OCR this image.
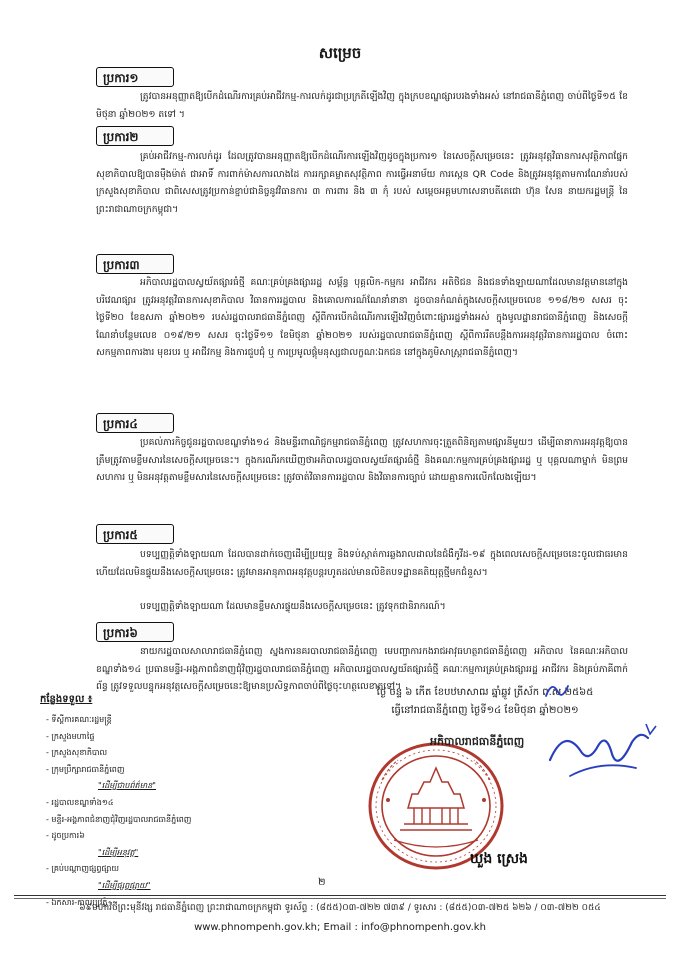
សម្រេច
ប្រការ១

ត្រូវបានអនុញ្ញាតឱ្យបើកដំណើរការគ្រប់អាជីវកម្ម-ការលក់ដូរជាប្រក្រតីឡើងវិញ ក្នុងក្របខណ្ឌផ្សារបរងទាំងអស់ នៅរាជធានីភ្នំពេញ ចាប់ពីថ្ងៃទី១៥ ខែមិថុនា ឆ្នាំ២០២១ តទៅ ។

ប្រការ២

គ្រប់អាជីវកម្ម-ការលក់ដូរ ដែលត្រូវបានអនុញ្ញាតឱ្យបើកដំណើរការឡើងវិញដូចក្នុងប្រការ១ នៃសេចក្តីសម្រេចនេះ ត្រូវអនុវត្តវិធានការសុវត្ថិភាពផ្នែកសុខាភិបាលឱ្យបានម៉ឹងម៉ាត់ ជាអាទិ៍ ការពាក់ម៉ាសការលាងដៃ ការរក្សាគម្លាតសុវត្ថិភាព ការធ្វើអនាម័យ ការស្កេន QR Code និងត្រូវអនុវត្តតាមការណែនាំរបស់ក្រសួងសុខាភិបាល ជាពិសេសត្រូវប្រកាន់ខ្ជាប់ជានិច្ចនូវវិធានការ ៣ ការពារ និង ៣ កុំ របស់ សម្តេចអគ្គមហាសេនាបតីតេជោ ហ៊ុន សែន នាយករដ្ឋមន្ត្រី នៃព្រះរាជាណាចក្រកម្ពុជា។

ប្រការ៣

អភិបាលរដ្ឋបាលស្វយ័តផ្សារធំថ្មី គណៈគ្រប់គ្រងផ្សាររដ្ឋ សម្ព័ន្ធ បុគ្គលិក-កម្មករ អាជីវករ អតិថិជន និងជនទាំងឡាយណាដែលមានវត្តមាននៅក្នុងបរិវេណផ្សារ ត្រូវអនុវត្តវិធានការសុខាភិបាល វិធានការរដ្ឋបាល និងគោលការណ៍ណែនាំនានា ដូចបានកំណត់ក្នុងសេចក្តីសម្រេចលេខ ១១៨/២១ សសរ ចុះថ្ងៃទី២០ ខែឧសភា ឆ្នាំ២០២១ របស់រដ្ឋបាលរាជធានីភ្នំពេញ ស្តីពីការបើកដំណើរការឡើងវិញចំពោះផ្សាររដ្ឋទាំងអស់ ក្នុងមូលដ្ឋានរាជធានីភ្នំពេញ និងសេចក្តីណែនាំបន្ថែមលេខ ០១៩/២១ សសរ ចុះថ្ងៃទី១១ ខែមិថុនា ឆ្នាំ២០២១ របស់រដ្ឋបាលរាជធានីភ្នំពេញ ស្តីពីការរឹតបន្តឹងការអនុវត្តវិធានការរដ្ឋបាល ចំពោះសកម្មភាពការងារ មុខរបរ ឬ អាជីវកម្ម និងការជួបជុំ ឬ ការប្រមូលផ្តុំមនុស្សជាលក្ខណៈឯកជន នៅក្នុងភូមិសាស្ត្ររាជធានីភ្នំពេញ។

ប្រការ៤

ប្រគល់ភារកិច្ចជូនរដ្ឋបាលខណ្ឌទាំង១៤ និងមន្ទីរពាណិជ្ជកម្មរាជធានីភ្នំពេញ ត្រូវសហការចុះត្រួតពិនិត្យតាមផ្សារនីមួយៗ ដើម្បីធានាការអនុវត្តឱ្យបានត្រឹមត្រូវតាមខ្លឹមសារនៃសេចក្តីសម្រេចនេះ។ ក្នុងករណីរកឃើញថាអភិបាលរដ្ឋបាលស្វយ័តផ្សារធំថ្មី និងគណៈកម្មការគ្រប់គ្រងផ្សាររដ្ឋ ឬ បុគ្គលណាម្នាក់ មិនព្រមសហការ ឬ មិនអនុវត្តតាមខ្លឹមសារនៃសេចក្តីសម្រេចនេះ ត្រូវចាត់វិធានការរដ្ឋបាល និងវិធានការច្បាប់ ដោយគ្មានការលើកលែងឡើយ។

ប្រការ៥

បទប្បញ្ញត្តិទាំងឡាយណា ដែលបានដាក់ចេញដើម្បីប្រយុទ្ធ និងទប់ស្កាត់ការឆ្លងរាលដាលនៃជំងឺកូវីដ-១៩ ក្នុងពេលសេចក្តីសម្រេចនេះចូលជាធរមាន ហើយដែលមិនផ្ទុយនឹងសេចក្តីសម្រេចនេះ ត្រូវមានអានុភាពអនុវត្តបន្តរហូតដល់មានលិខិតបទដ្ឋានគតិយុត្តថ្មីមកជំនួស។

បទប្បញ្ញត្តិទាំងឡាយណា ដែលមានខ្លឹមសារផ្ទុយនឹងសេចក្តីសម្រេចនេះ ត្រូវទុកជានិរាករណ៍។

ប្រការ៦

នាយករដ្ឋបាលសាលារាជធានីភ្នំពេញ ស្នងការនគរបាលរាជធានីភ្នំពេញ មេបញ្ជាការកងរាជអាវុធហត្ថរាជធានីភ្នំពេញ អភិបាល នៃគណៈអភិបាលខណ្ឌទាំង១៤ ប្រធានមន្ទីរ-អង្គភាពជំនាញជុំវិញរដ្ឋបាលរាជធានីភ្នំពេញ អភិបាលរដ្ឋបាលស្វយ័តផ្សារធំថ្មី គណៈកម្មការគ្រប់គ្រងផ្សាររដ្ឋ អាជីវករ និងគ្រប់ភាគីពាក់ព័ន្ធ ត្រូវទទួលបន្ទុកអនុវត្តសេចក្តីសម្រេចនេះឱ្យមានប្រសិទ្ធភាពចាប់ពីថ្ងៃចុះហត្ថលេខាតទៅ។

ថ្ងៃ ចន្ទ ៦ កើត ខែបឋមាសាឍ ឆ្នាំឆ្លូវ ត្រីស័ក ព.ស.២៥៦៥
ធ្វើនៅរាជធានីភ្នំពេញ ថ្ងៃទី១៤ ខែមិថុនា ឆ្នាំ២០២១
កន្លែងទទួល ៖
- ទីស្តីការគណៈរដ្ឋមន្ត្រី
- ក្រសួងមហាផ្ទៃ
- ក្រសួងសុខាភិបាល
- ក្រុមប្រឹក្សារាជធានីភ្នំពេញ
"ដើម្បីជាបព៌ត៌មាន"
- រដ្ឋបាលខណ្ឌទាំង១៤
- មន្ទីរ-អង្គភាពជំនាញជុំវិញរដ្ឋបាលរាជធានីភ្នំពេញ
- ដូចប្រការ៦
"ដើម្បីអនុវត្ត"
- គ្រប់បណ្តាញផ្សព្វផ្សាយ
"ដើម្បីផ្សព្វផ្សាយ"
- ឯកសារ-កាលប្បវត្តិ
អភិបាលរាជធានីភ្នំពេញ
ឃួង ស្រេង
២
៦៩មហាវិថីព្រះមុនីវង្ស រាជធានីភ្នំពេញ ព្រះរាជាណាចក្រកម្ពុជា ទូរស័ព្ទ : (៨៥៥)០៣-៧២២ ៧៣៩ / ទូរសារ : (៨៥៥)០៣-៧២៥ ៦២៦ / ០៣-៧២២ ០៥៤
www.phnompenh.gov.kh; Email : info@phnompenh.gov.kh
